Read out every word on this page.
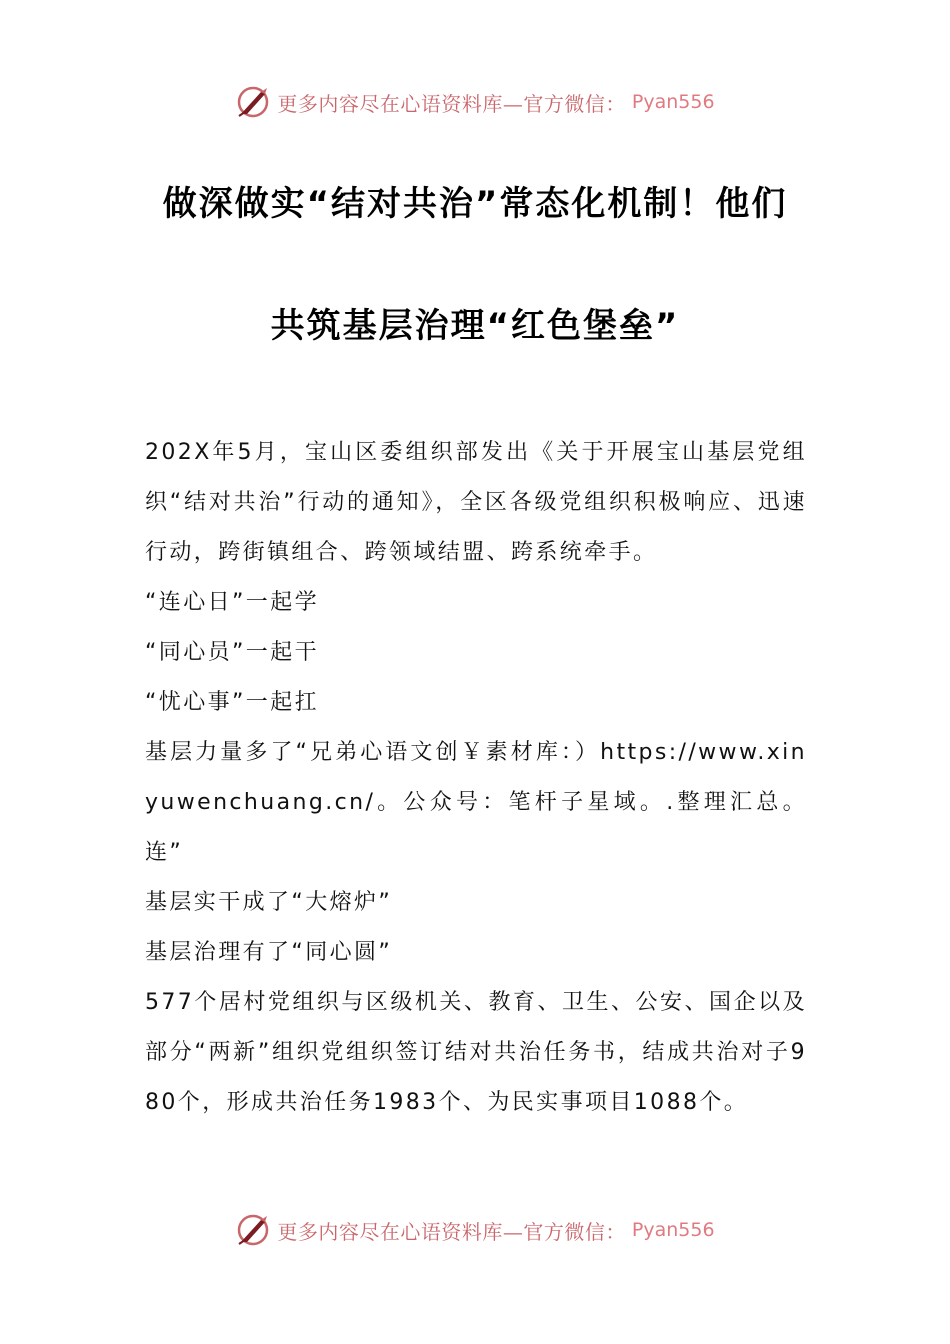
更多内容尽在心语资料库—官方微信： Pyan556
做深做实“结对共治”常态化机制！他们
共筑基层治理“红色堡垒”

202X年5月，宝山区委组织部发出《关于开展宝山基层党组织“结对共治”行动的通知》，全区各级党组织积极响应、迅速行动，跨街镇组合、跨领域结盟、跨系统牵手。

“连心日”一起学

“同心员”一起干

“忧心事”一起扛

基层力量多了“兄弟心语文创￥素材库：）https://www.xinyuwenchuang.cn/。公众号：笔杆子星域。.整理汇总。连”

基层实干成了“大熔炉”

基层治理有了“同心圆”

577个居村党组织与区级机关、教育、卫生、公安、国企以及部分“两新”组织党组织签订结对共治任务书，结成共治对子980个，形成共治任务1983个、为民实事项目1088个。

更多内容尽在心语资料库—官方微信： Pyan556
